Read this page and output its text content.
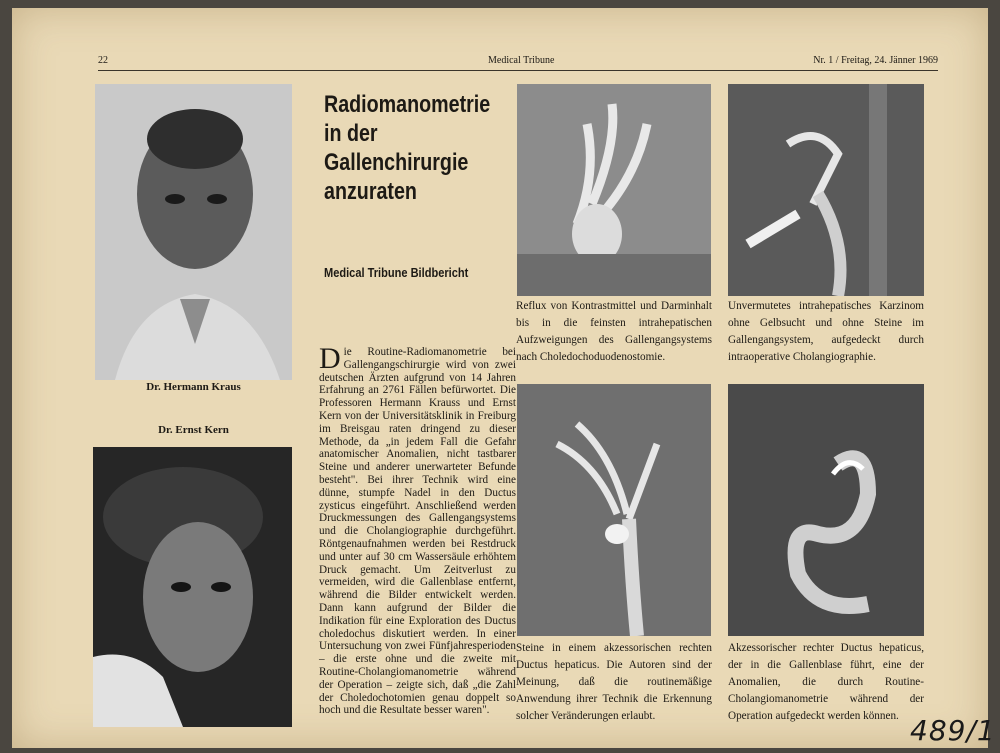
22	Medical Tribune	Nr. 1 / Freitag, 24. Jänner 1969
Dr. Hermann Kraus
Dr. Ernst Kern
Radiomanometrie
in der
Gallenchirurgie
anzuraten
Medical Tribune Bildbericht
Die Routine-Radiomanometrie bei Gallengangschirurgie wird von zwei deutschen Ärzten aufgrund von 14 Jahren Erfahrung an 2761 Fällen befürwortet. Die Professoren Hermann Krauss und Ernst Kern von der Universitätsklinik in Freiburg im Breisgau raten dringend zu dieser Methode, da „in jedem Fall die Gefahr anatomischer Anomalien, nicht tastbarer Steine und anderer unerwarteter Befunde besteht". Bei ihrer Technik wird eine dünne, stumpfe Nadel in den Ductus zysticus eingeführt. Anschließend werden Druckmessungen des Gallengangsystems und die Cholangiographie durchgeführt. Röntgenaufnahmen werden bei Restdruck und unter auf 30 cm Wassersäule erhöhtem Druck gemacht. Um Zeitverlust zu vermeiden, wird die Gallenblase entfernt, während die Bilder entwickelt werden. Dann kann aufgrund der Bilder die Indikation für eine Exploration des Ductus choledochus diskutiert werden. In einer Untersuchung von zwei Fünfjahresperioden – die erste ohne und die zweite mit Routine-Cholangiomanometrie während der Operation – zeigte sich, daß „die Zahl der Choledochotomien genau doppelt so hoch und die Resultate besser waren".
Reflux von Kontrastmittel und Darminhalt bis in die feinsten intrahepatischen Aufzweigungen des Gallengangsystems nach Choledochoduodenostomie.
Unvermutetes intrahepatisches Karzinom ohne Gelbsucht und ohne Steine im Gallengangsystem, aufgedeckt durch intraoperative Cholangiographie.
Steine in einem akzessorischen rechten Ductus hepaticus. Die Autoren sind der Meinung, daß die routinemäßige Anwendung ihrer Technik die Erkennung solcher Veränderungen erlaubt.
Akzessorischer rechter Ductus hepaticus, der in die Gallenblase führt, eine der Anomalien, die durch Routine-Cholangiomanometrie während der Operation aufgedeckt werden können. 489/1
